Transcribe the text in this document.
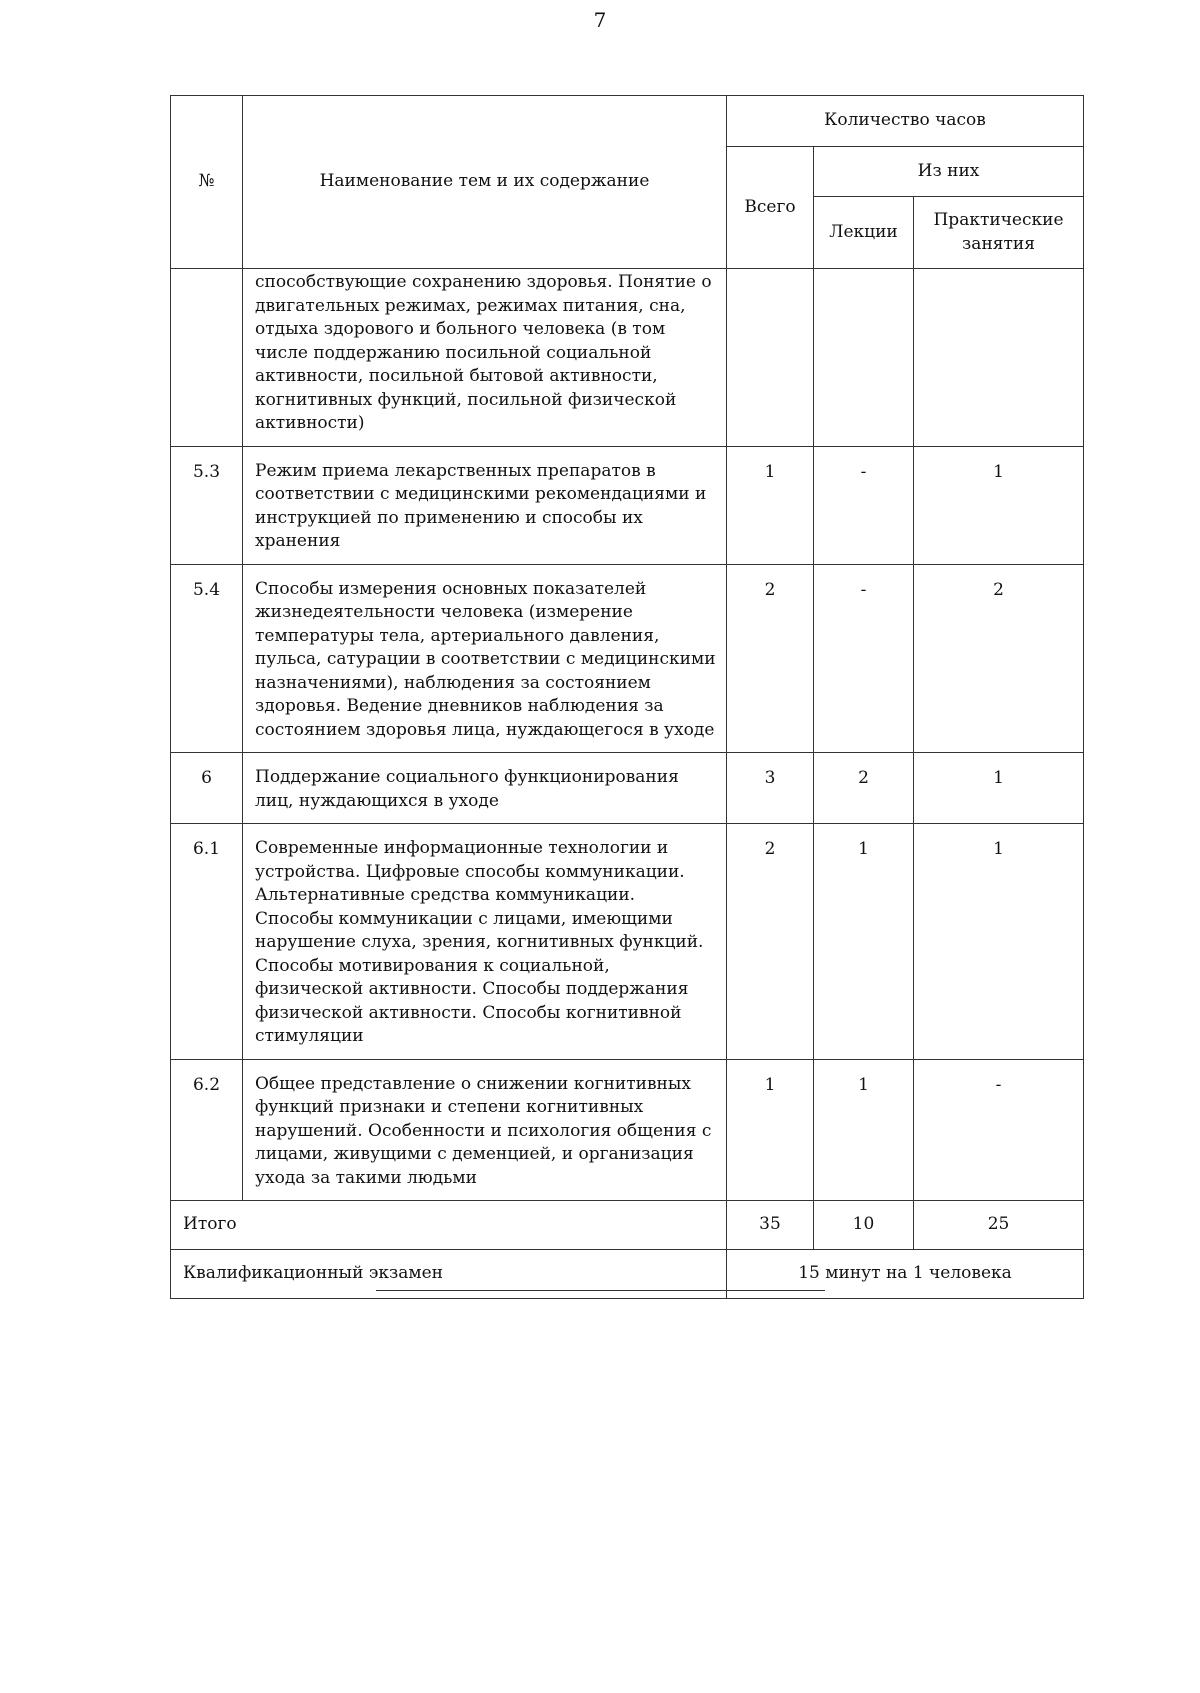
7
№	Наименование тем и их содержание	Количество часов		
		Всего	Из них	
			Лекции	Практические занятия
	способствующие сохранению здоровья. Понятие о двигательных режимах, режимах питания, сна, отдыха здорового и больного человека (в том числе поддержанию посильной социальной активности, посильной бытовой активности, когнитивных функций, посильной физической активности)			
5.3	Режим приема лекарственных препаратов в соответствии с медицинскими рекомендациями и инструкцией по применению и способы их хранения	1	-	1
5.4	Способы измерения основных показателей жизнедеятельности человека (измерение температуры тела, артериального давления, пульса, сатурации в соответствии с медицинскими назначениями), наблюдения за состоянием здоровья. Ведение дневников наблюдения за состоянием здоровья лица, нуждающегося в уходе	2	-	2
6	Поддержание социального функционирования лиц, нуждающихся в уходе	3	2	1
6.1	Современные информационные технологии и устройства. Цифровые способы коммуникации. Альтернативные средства коммуникации. Способы коммуникации с лицами, имеющими нарушение слуха, зрения, когнитивных функций. Способы мотивирования к социальной, физической активности. Способы поддержания физической активности. Способы когнитивной стимуляции	2	1	1
6.2	Общее представление о снижении когнитивных функций признаки и степени когнитивных нарушений. Особенности и психология общения с лицами, живущими с деменцией, и организация ухода за такими людьми	1	1	-
Итого		35	10	25
Квалификационный экзамен		15 минут на 1 человека		
